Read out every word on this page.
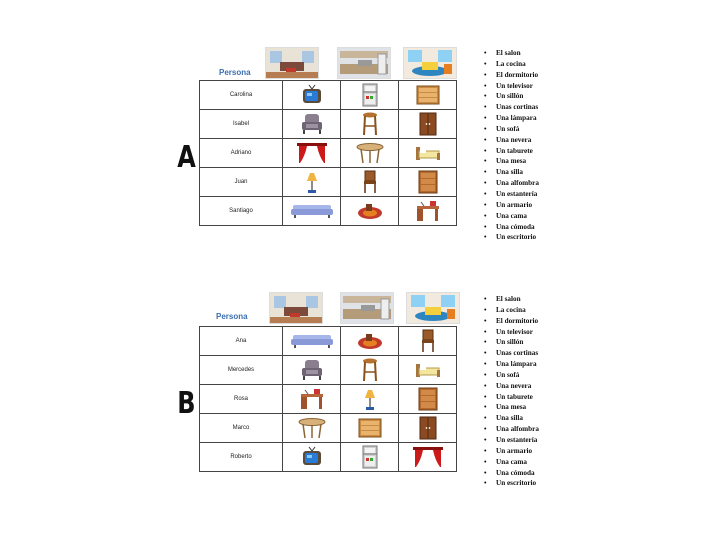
A
Persona
Carolina	

Isabel	

Adriano	

Juan	

Santiago	

• El salon
• La cocina
• El dormitorio
• Un televisor
• Un sillón
• Unas cortinas
• Una lámpara
• Un sofá
• Una nevera
• Un taburete
• Una mesa
• Una silla
• Una alfombra
• Un estantería
• Un armario
• Una cama
• Una cómoda
• Un escritorio
B
Persona
Ana	

Mercedes	

Rosa	

Marco	

Roberto	

• El salon
• La cocina
• El dormitorio
• Un televisor
• Un sillón
• Unas cortinas
• Una lámpara
• Un sofá
• Una nevera
• Un taburete
• Una mesa
• Una silla
• Una alfombra
• Un estantería
• Un armario
• Una cama
• Una cómoda
• Un escritorio
